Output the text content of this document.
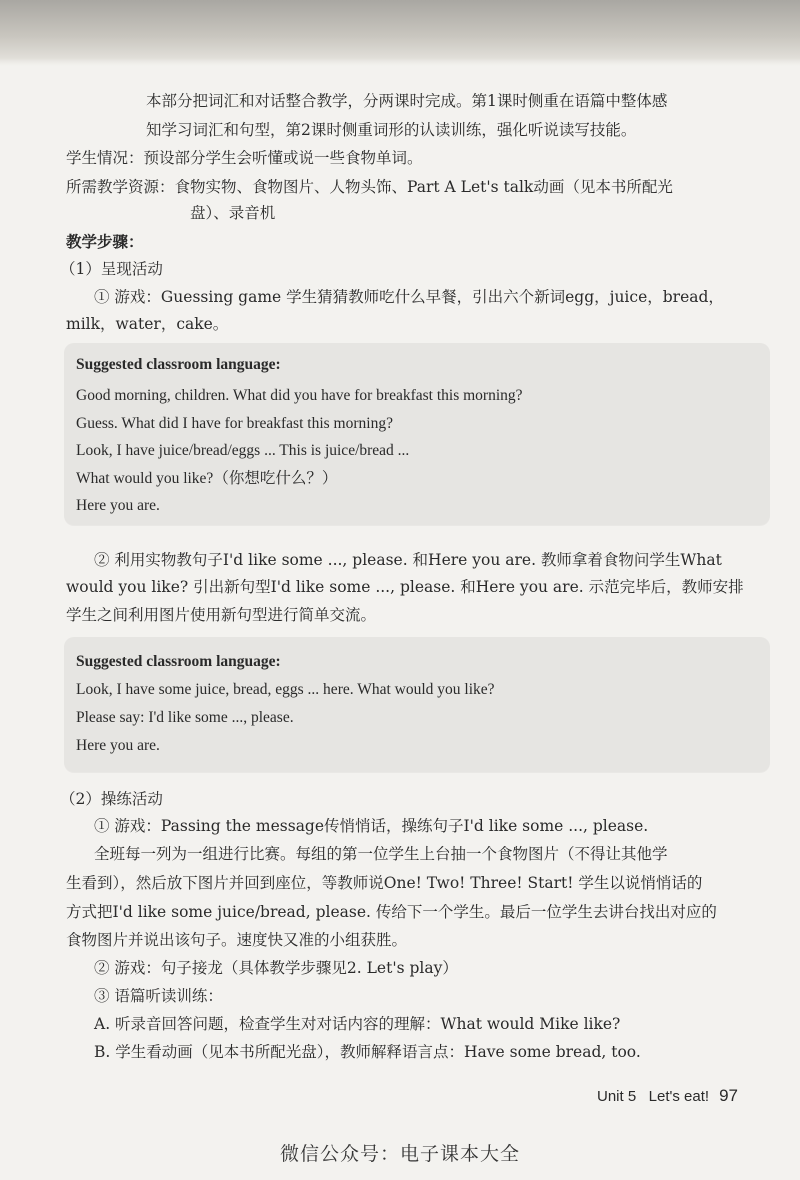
本部分把词汇和对话整合教学，分两课时完成。第1课时侧重在语篇中整体感
知学习词汇和句型，第2课时侧重词形的认读训练，强化听说读写技能。
学生情况：预设部分学生会听懂或说一些食物单词。
所需教学资源：食物实物、食物图片、人物头饰、Part A Let's talk动画（见本书所配光
盘）、录音机
教学步骤：
（1）呈现活动
① 游戏：Guessing game 学生猜猜教师吃什么早餐，引出六个新词egg，juice，bread，
milk，water，cake。
Suggested classroom language:
Good morning, children. What did you have for breakfast this morning?
Guess. What did I have for breakfast this morning?
Look, I have juice/bread/eggs ... This is juice/bread ...
What would you like?（你想吃什么？）
Here you are.
② 利用实物教句子I'd like some ..., please. 和Here you are. 教师拿着食物问学生What
would you like? 引出新句型I'd like some ..., please. 和Here you are. 示范完毕后，教师安排
学生之间利用图片使用新句型进行简单交流。
Suggested classroom language:
Look, I have some juice, bread, eggs ... here. What would you like?
Please say: I'd like some ..., please.
Here you are.
（2）操练活动
① 游戏：Passing the message传悄悄话，操练句子I'd like some ..., please.
全班每一列为一组进行比赛。每组的第一位学生上台抽一个食物图片（不得让其他学
生看到），然后放下图片并回到座位，等教师说One! Two! Three! Start! 学生以说悄悄话的
方式把I'd like some juice/bread, please. 传给下一个学生。最后一位学生去讲台找出对应的
食物图片并说出该句子。速度快又准的小组获胜。
② 游戏：句子接龙（具体教学步骤见2. Let's play）
③ 语篇听读训练：
A. 听录音回答问题，检查学生对对话内容的理解：What would Mike like?
B. 学生看动画（见本书所配光盘），教师解释语言点：Have some bread, too.
Unit 5   Let's eat! 97
微信公众号：电子课本大全
